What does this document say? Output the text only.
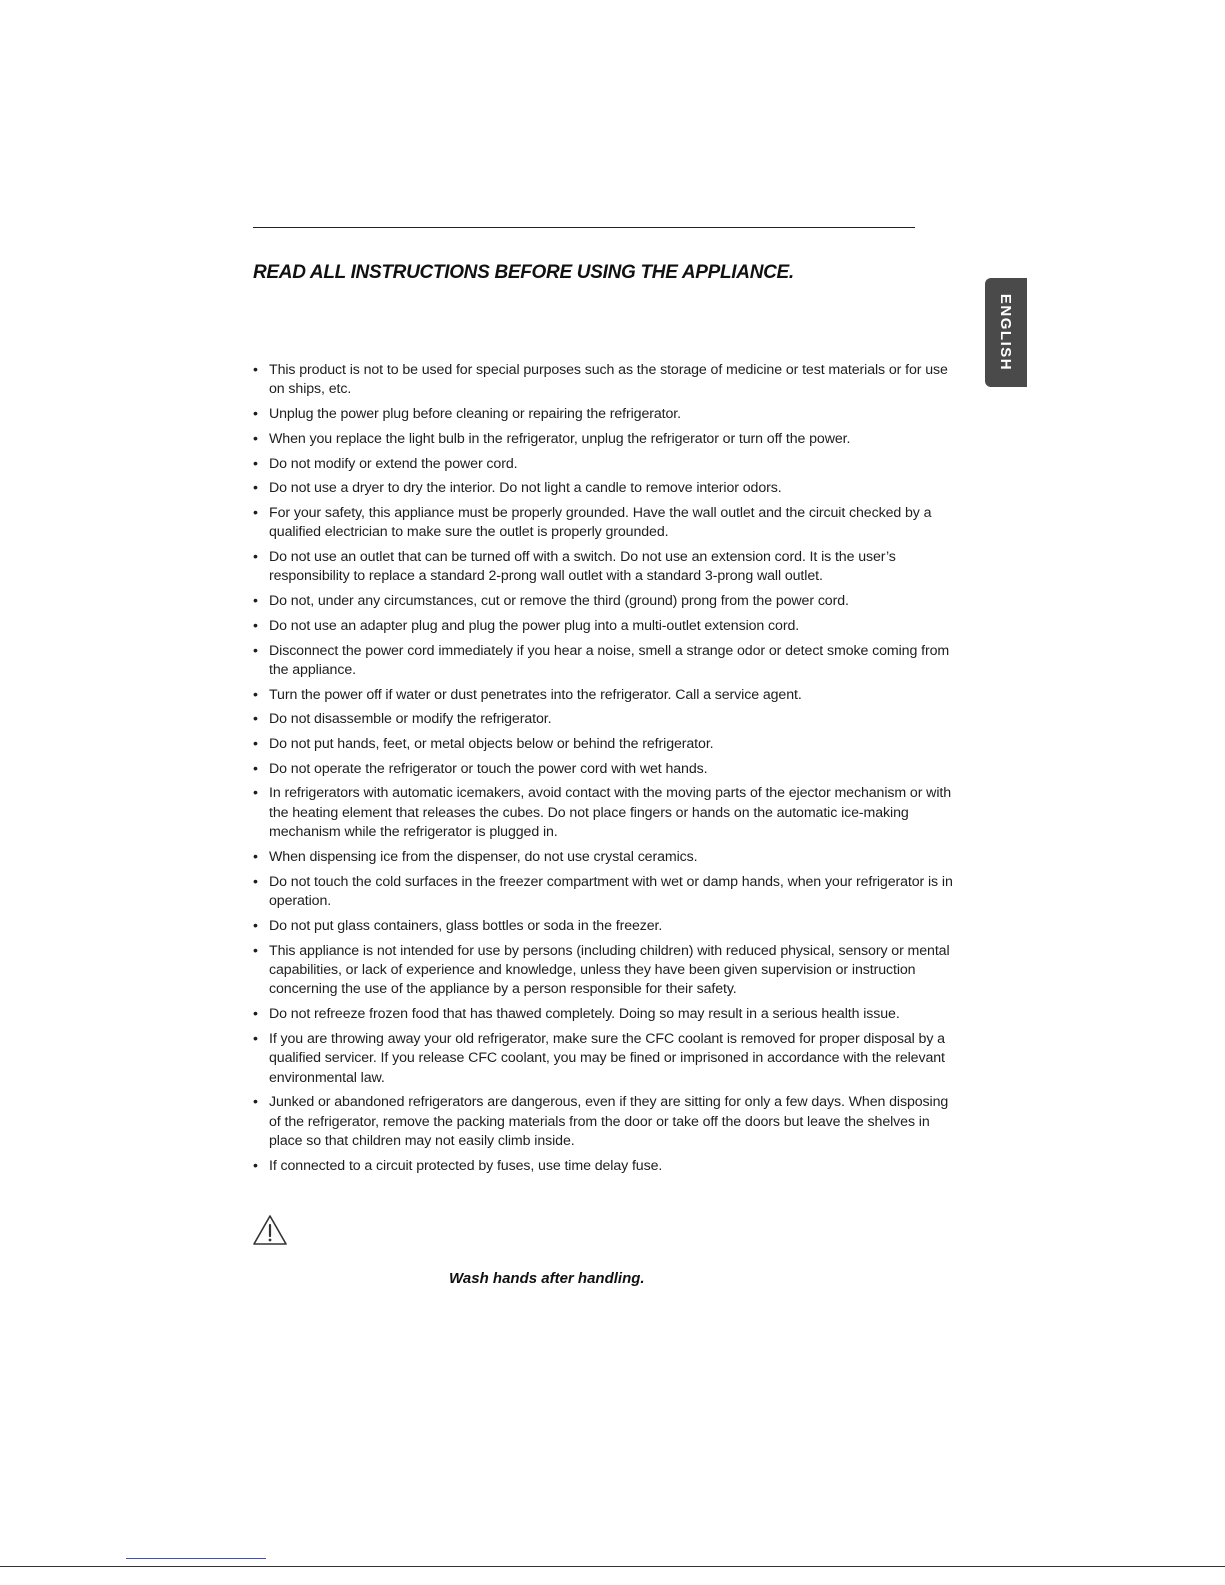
READ ALL INSTRUCTIONS BEFORE USING THE APPLIANCE.
ENGLISH
• This product is not to be used for special purposes such as the storage of medicine or test materials or for use on ships, etc.
• Unplug the power plug before cleaning or repairing the refrigerator.
• When you replace the light bulb in the refrigerator, unplug the refrigerator or turn off the power.
• Do not modify or extend the power cord.
• Do not use a dryer to dry the interior. Do not light a candle to remove interior odors.
• For your safety, this appliance must be properly grounded. Have the wall outlet and the circuit checked by a qualified electrician to make sure the outlet is properly grounded.
• Do not use an outlet that can be turned off with a switch. Do not use an extension cord. It is the user’s responsibility to replace a standard 2-prong wall outlet with a standard 3-prong wall outlet.
• Do not, under any circumstances, cut or remove the third (ground) prong from the power cord.
• Do not use an adapter plug and plug the power plug into a multi-outlet extension cord.
• Disconnect the power cord immediately if you hear a noise, smell a strange odor or detect smoke coming from the appliance.
• Turn the power off if water or dust penetrates into the refrigerator. Call a service agent.
• Do not disassemble or modify the refrigerator.
• Do not put hands, feet, or metal objects below or behind the refrigerator.
• Do not operate the refrigerator or touch the power cord with wet hands.
• In refrigerators with automatic icemakers, avoid contact with the moving parts of the ejector mechanism or with the heating element that releases the cubes. Do not place fingers or hands on the automatic ice-making mechanism while the refrigerator is plugged in.
• When dispensing ice from the dispenser, do not use crystal ceramics.
• Do not touch the cold surfaces in the freezer compartment with wet or damp hands, when your refrigerator is in operation.
• Do not put glass containers, glass bottles or soda in the freezer.
• This appliance is not intended for use by persons (including children) with reduced physical, sensory or mental capabilities, or lack of experience and knowledge, unless they have been given supervision or instruction concerning the use of the appliance by a person responsible for their safety.
• Do not refreeze frozen food that has thawed completely. Doing so may result in a serious health issue.
• If you are throwing away your old refrigerator, make sure the CFC coolant is removed for proper disposal by a qualified servicer. If you release CFC coolant, you may be fined or imprisoned in accordance with the relevant environmental law.
• Junked or abandoned refrigerators are dangerous, even if they are sitting for only a few days. When disposing of the refrigerator, remove the packing materials from the door or take off the doors but leave the shelves in place so that children may not easily climb inside.
• If connected to a circuit protected by fuses, use time delay fuse.

Wash hands after handling.
